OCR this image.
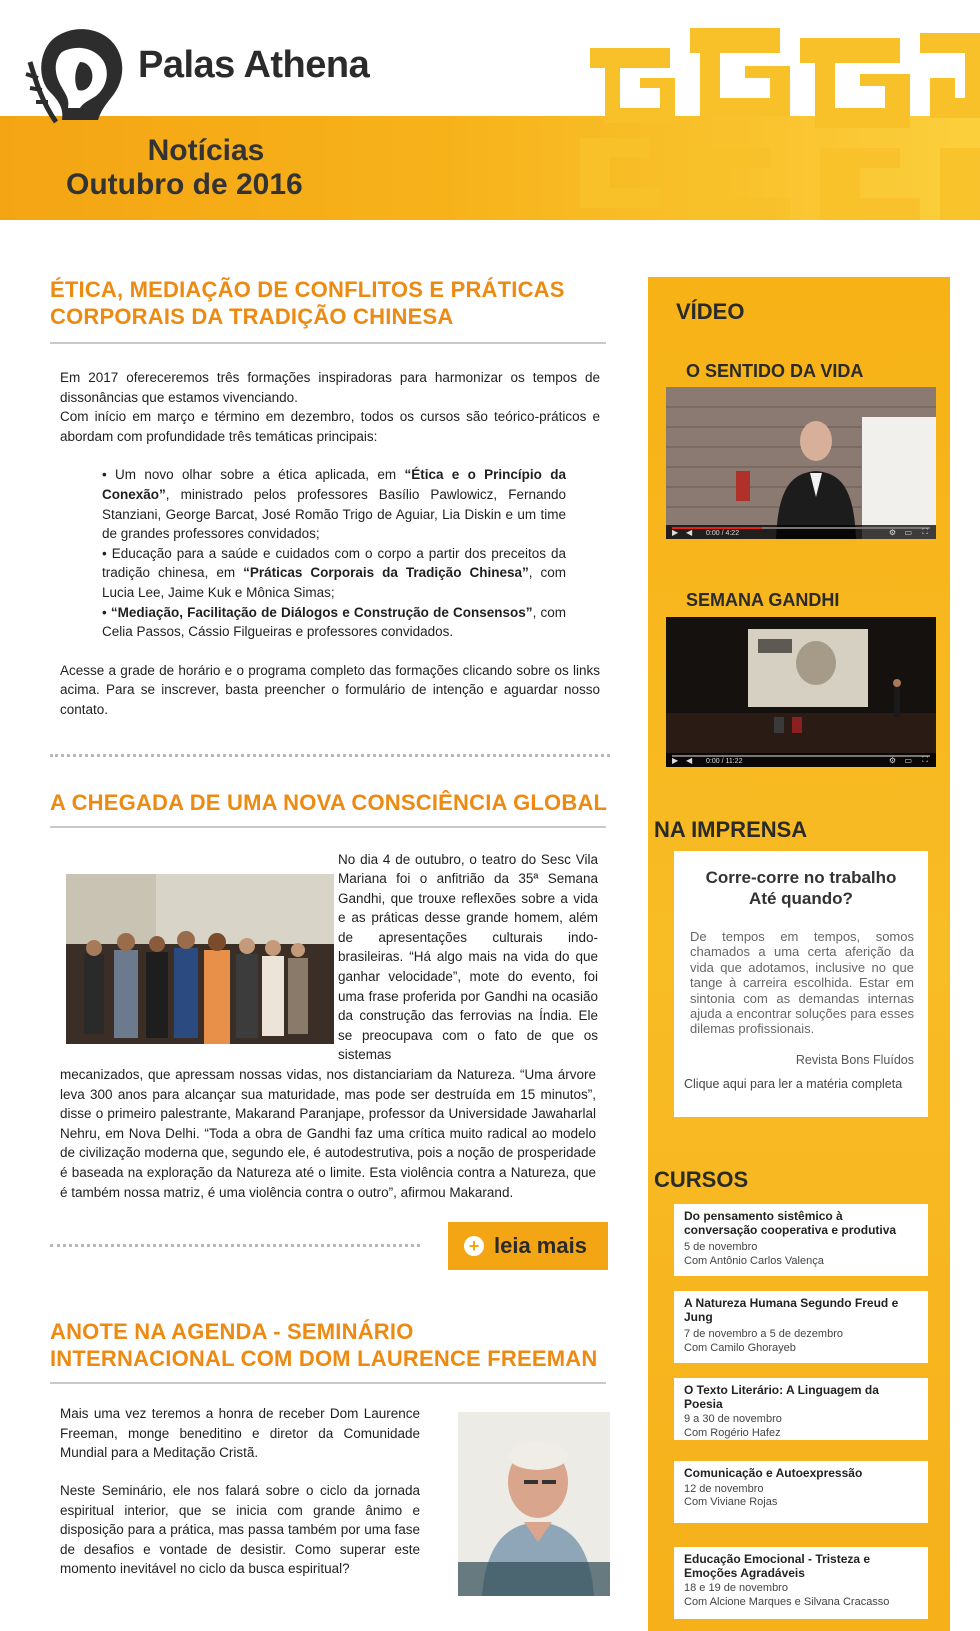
Palas Athena
Notícias
Outubro de 2016
ÉTICA, MEDIAÇÃO DE CONFLITOS E PRÁTICAS
CORPORAIS DA TRADIÇÃO CHINESA

Em 2017 ofereceremos três formações inspiradoras para harmonizar os tempos de dissonâncias que estamos vivenciando.

Com início em março e término em dezembro, todos os cursos são teórico-práticos e abordam com profundidade três temáticas principais:

• Um novo olhar sobre a ética aplicada, em “Ética e o Princípio da Conexão”, ministrado pelos professores Basílio Pawlowicz, Fernando Stanziani, George Barcat, José Romão Trigo de Aguiar, Lia Diskin e um time de grandes professores convidados;

• Educação para a saúde e cuidados com o corpo a partir dos preceitos da tradição chinesa, em “Práticas Corporais da Tradição Chinesa”, com Lucia Lee, Jaime Kuk e Mônica Simas;

• “Mediação, Facilitação de Diálogos e Construção de Consensos”, com Celia Passos, Cássio Filgueiras e professores convidados.

Acesse a grade de horário e o programa completo das formações clicando sobre os links acima. Para se inscrever, basta preencher o formulário de intenção e aguardar nosso contato.

A CHEGADA DE UMA NOVA CONSCIÊNCIA GLOBAL

No dia 4 de outubro, o teatro do Sesc Vila Mariana foi o anfitrião da 35ª Semana Gandhi, que trouxe reflexões sobre a vida e as práticas desse grande homem, além de apresentações culturais indo-brasileiras. “Há algo mais na vida do que ganhar velocidade”, mote do evento, foi uma frase proferida por Gandhi na ocasião da construção das ferrovias na Índia. Ele se preocupava com o fato de que os sistemas

mecanizados, que apressam nossas vidas, nos distanciariam da Natureza. “Uma árvore leva 300 anos para alcançar sua maturidade, mas pode ser destruída em 15 minutos”, disse o primeiro palestrante, Makarand Paranjape, professor da Universidade Jawaharlal Nehru, em Nova Delhi. “Toda a obra de Gandhi faz uma crítica muito radical ao modelo de civilização moderna que, segundo ele, é autodestrutiva, pois a noção de prosperidade é baseada na exploração da Natureza até o limite. Esta violência contra a Natureza, que é também nossa matriz, é uma violência contra o outro”, afirmou Makarand.

+ leia mais
ANOTE NA AGENDA - SEMINÁRIO
INTERNACIONAL COM DOM LAURENCE FREEMAN

Mais uma vez teremos a honra de receber Dom Laurence Freeman, monge beneditino e diretor da Comunidade Mundial para a Meditação Cristã.

Neste Seminário, ele nos falará sobre o ciclo da jornada espiritual interior, que se inicia com grande ânimo e disposição para a prática, mas passa também por uma fase de desafios e vontade de desistir. Como superar este momento inevitável no ciclo da busca espiritual?

VÍDEO
O SENTIDO DA VIDA
▶ ◀ 0:00 / 4:22	⚙ ▭ ⛶
SEMANA GANDHI
▶ ◀ 0:00 / 11:22	⚙ ▭ ⛶
NA IMPRENSA
Corre-corre no trabalho
Até quando?
De tempos em tempos, somos chamados a uma certa aferição da vida que adotamos, inclusive no que tange à carreira escolhida. Estar em sintonia com as demandas internas ajuda a encontrar soluções para esses dilemas profissionais.
Revista Bons Fluídos
Clique aqui para ler a matéria completa
CURSOS
Do pensamento sistêmico à conversação cooperativa e produtiva
5 de novembro
Com Antônio Carlos Valença
A Natureza Humana Segundo Freud e Jung
7 de novembro a 5 de dezembro
Com Camilo Ghorayeb
O Texto Literário: A Linguagem da Poesia
9 a 30 de novembro
Com Rogério Hafez
Comunicação e Autoexpressão
12 de novembro
Com Viviane Rojas
Educação Emocional - Tristeza e Emoções Agradáveis
18 e 19 de novembro
Com Alcione Marques e Silvana Cracasso
